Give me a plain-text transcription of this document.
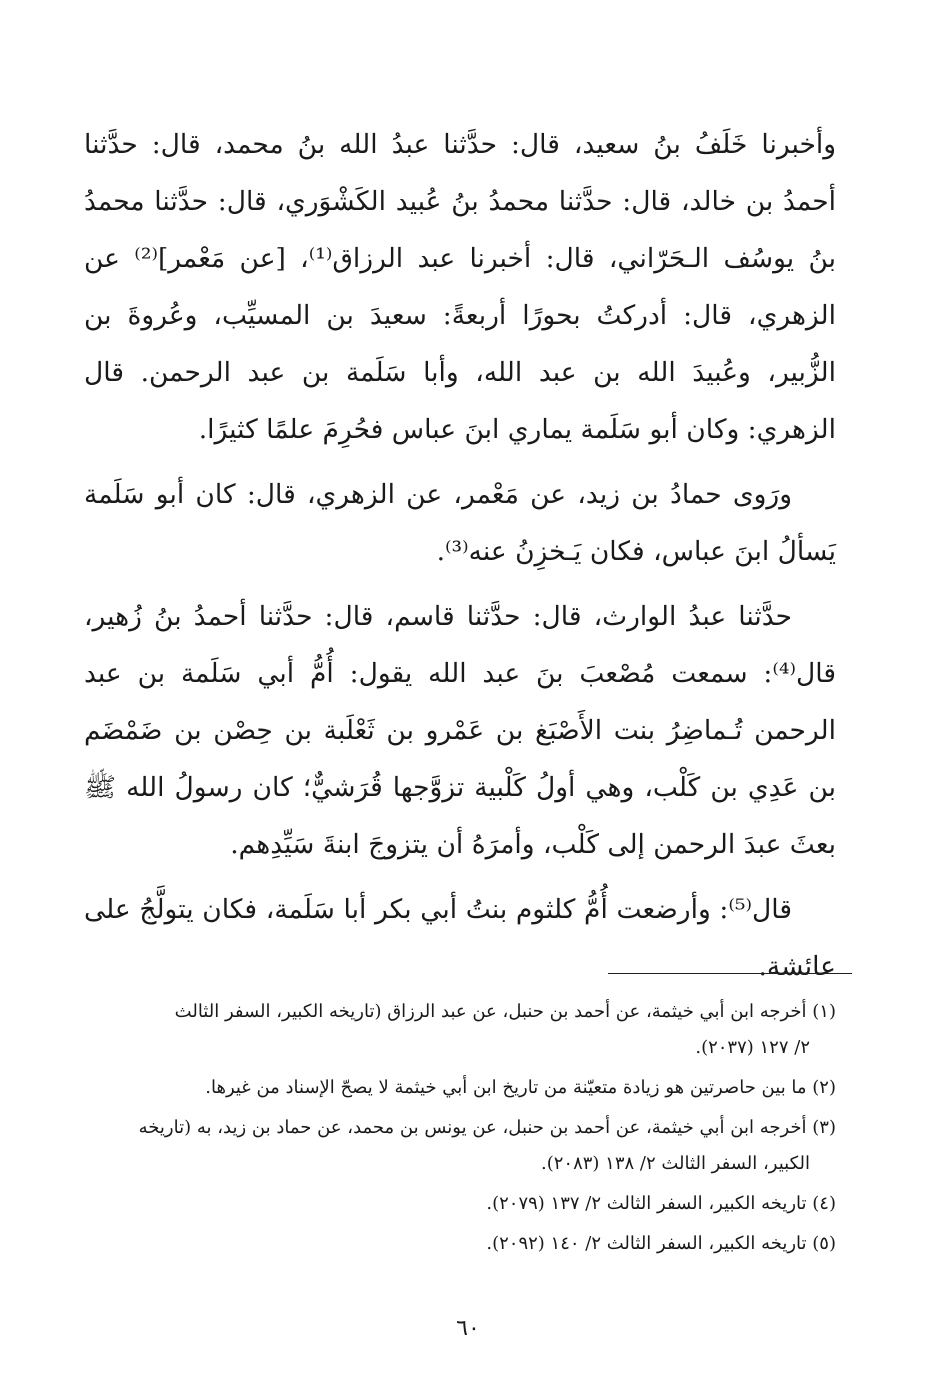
وأخبرنا خَلَفُ بنُ سعيد، قال: حدَّثنا عبدُ الله بنُ محمد، قال: حدَّثنا أحمدُ بن خالد، قال: حدَّثنا محمدُ بنُ عُبيد الكَشْوَري، قال: حدَّثنا محمدُ بنُ يوسُف الـحَرّاني، قال: أخبرنا عبد الرزاق⁽¹⁾، [عن مَعْمر]⁽²⁾ عن الزهري، قال: أدركتُ بحورًا أربعةً: سعيدَ بن المسيِّب، وعُروةَ بن الزُّبير، وعُبيدَ الله بن عبد الله، وأبا سَلَمة بن عبد الرحمن. قال الزهري: وكان أبو سَلَمة يماري ابنَ عباس فحُرِمَ علمًا كثيرًا.

ورَوى حمادُ بن زيد، عن مَعْمر، عن الزهري، قال: كان أبو سَلَمة يَسألُ ابنَ عباس، فكان يَـخزِنُ عنه⁽³⁾.

حدَّثنا عبدُ الوارث، قال: حدَّثنا قاسم، قال: حدَّثنا أحمدُ بنُ زُهير، قال⁽⁴⁾: سمعت مُصْعبَ بنَ عبد الله يقول: أُمُّ أبي سَلَمة بن عبد الرحمن تُـماضِرُ بنت الأَصْبَغ بن عَمْرو بن ثَعْلَبة بن حِصْن بن ضَمْضَم بن عَدِي بن كَلْب، وهي أولُ كَلْبية تزوَّجها قُرَشيٌّ؛ كان رسولُ الله ﷺ بعثَ عبدَ الرحمن إلى كَلْب، وأمرَهُ أن يتزوجَ ابنةَ سَيِّدِهم.

قال⁽⁵⁾: وأرضعت أُمُّ كلثوم بنتُ أبي بكر أبا سَلَمة، فكان يتولَّجُ على عائشة.

(١) أخرجه ابن أبي خيثمة، عن أحمد بن حنبل، عن عبد الرزاق (تاريخه الكبير، السفر الثالث
٢/ ١٢٧ (٢٠٣٧).

(٢) ما بين حاصرتين هو زيادة متعيّنة من تاريخ ابن أبي خيثمة لا يصحّ الإسناد من غيرها.

(٣) أخرجه ابن أبي خيثمة، عن أحمد بن حنبل، عن يونس بن محمد، عن حماد بن زيد، به (تاريخه
الكبير، السفر الثالث ٢/ ١٣٨ (٢٠٨٣).

(٤) تاريخه الكبير، السفر الثالث ٢/ ١٣٧ (٢٠٧٩).

(٥) تاريخه الكبير، السفر الثالث ٢/ ١٤٠ (٢٠٩٢).

٦٠
